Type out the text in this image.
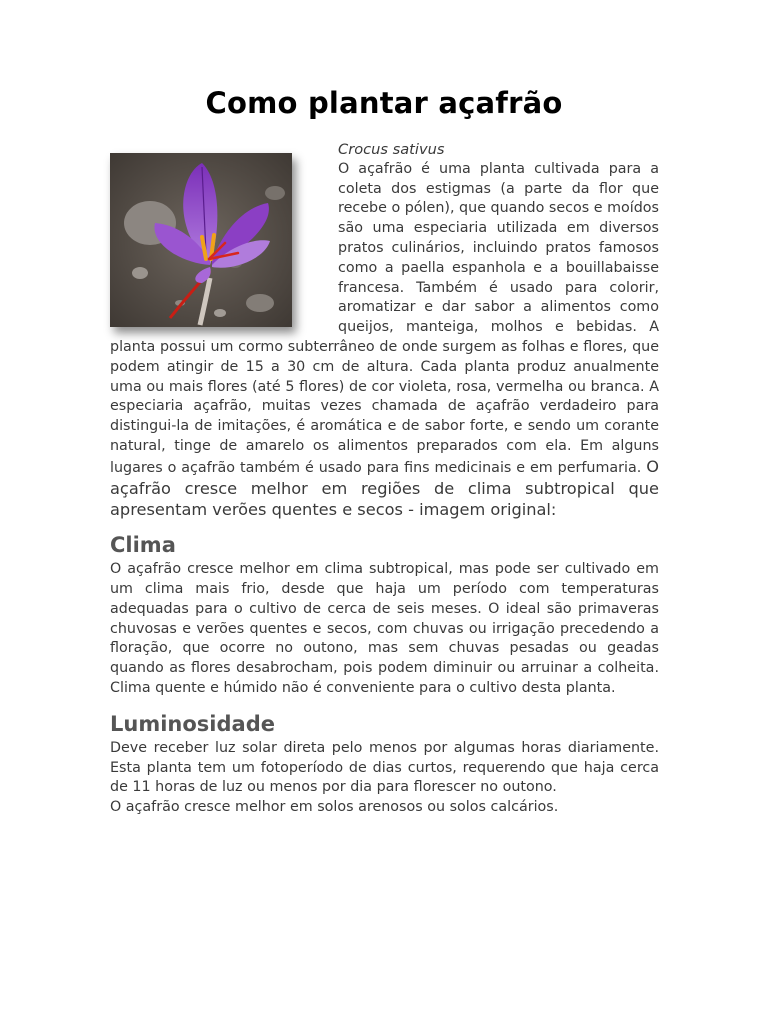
Como plantar açafrão

Crocus sativus

O açafrão é uma planta cultivada para a coleta dos estigmas (a parte da flor que recebe o pólen), que quando secos e moídos são uma especiaria utilizada em diversos pratos culinários, incluindo pratos famosos como a paella espanhola e a bouillabaisse francesa. Também é usado para colorir, aromatizar e dar sabor a alimentos como queijos, manteiga, molhos e bebidas. A planta possui um cormo subterrâneo de onde surgem as folhas e flores, que podem atingir de 15 a 30 cm de altura. Cada planta produz anualmente uma ou mais flores (até 5 flores) de cor violeta, rosa, vermelha ou branca. A especiaria açafrão, muitas vezes chamada de açafrão verdadeiro para distingui-la de imitações, é aromática e de sabor forte, e sendo um corante natural, tinge de amarelo os alimentos preparados com ela. Em alguns lugares o açafrão também é usado para fins medicinais e em perfumaria. O açafrão cresce melhor em regiões de clima subtropical que apresentam verões quentes e secos - imagem original:

Clima

O açafrão cresce melhor em clima subtropical, mas pode ser cultivado em um clima mais frio, desde que haja um período com temperaturas adequadas para o cultivo de cerca de seis meses. O ideal são primaveras chuvosas e verões quentes e secos, com chuvas ou irrigação precedendo a floração, que ocorre no outono, mas sem chuvas pesadas ou geadas quando as flores desabrocham, pois podem diminuir ou arruinar a colheita. Clima quente e húmido não é conveniente para o cultivo desta planta.

Luminosidade

Deve receber luz solar direta pelo menos por algumas horas diariamente. Esta planta tem um fotoperíodo de dias curtos, requerendo que haja cerca de 11 horas de luz ou menos por dia para florescer no outono.

O açafrão cresce melhor em solos arenosos ou solos calcários.
